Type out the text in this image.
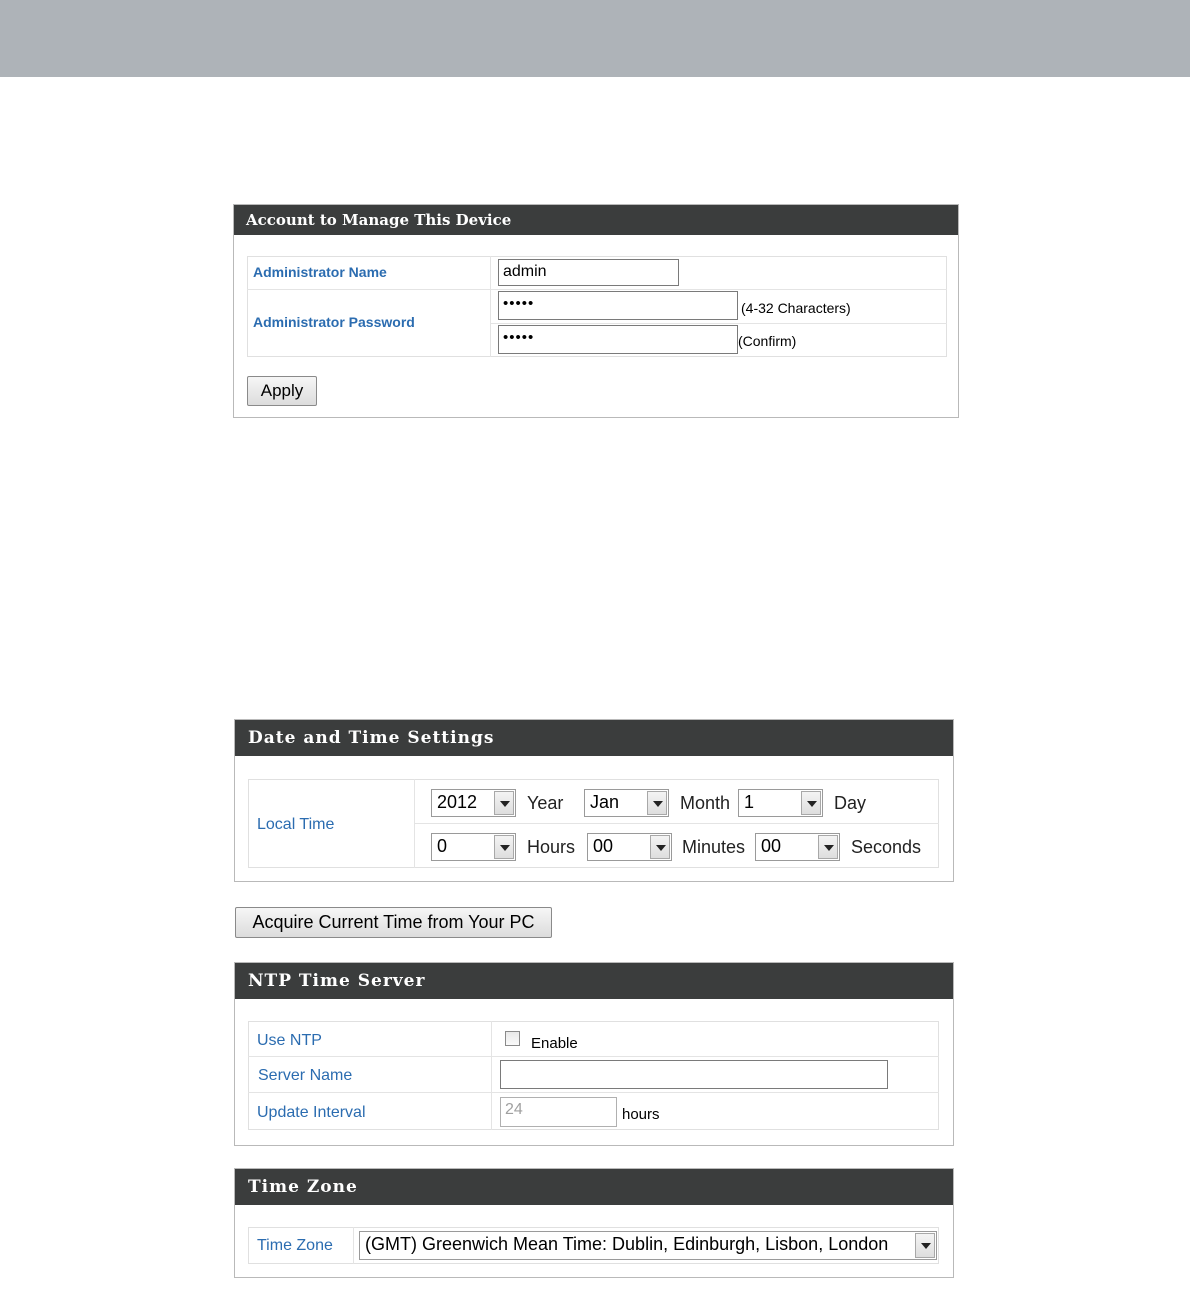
Account to Manage This Device
Administrator Name	admin
Administrator Password
•••••	(4-32 Characters)
•••••	(Confirm)
Apply
Date and Time Settings
Local Time
2012	Year Jan	Month 1	Day
0	Hours 00	Minutes 00	Seconds
Acquire Current Time from Your PC
NTP Time Server
Use NTP	Enable
Server Name
Update Interval	24	hours
Time Zone
Time Zone (GMT) Greenwich Mean Time: Dublin, Edinburgh, Lisbon, London
